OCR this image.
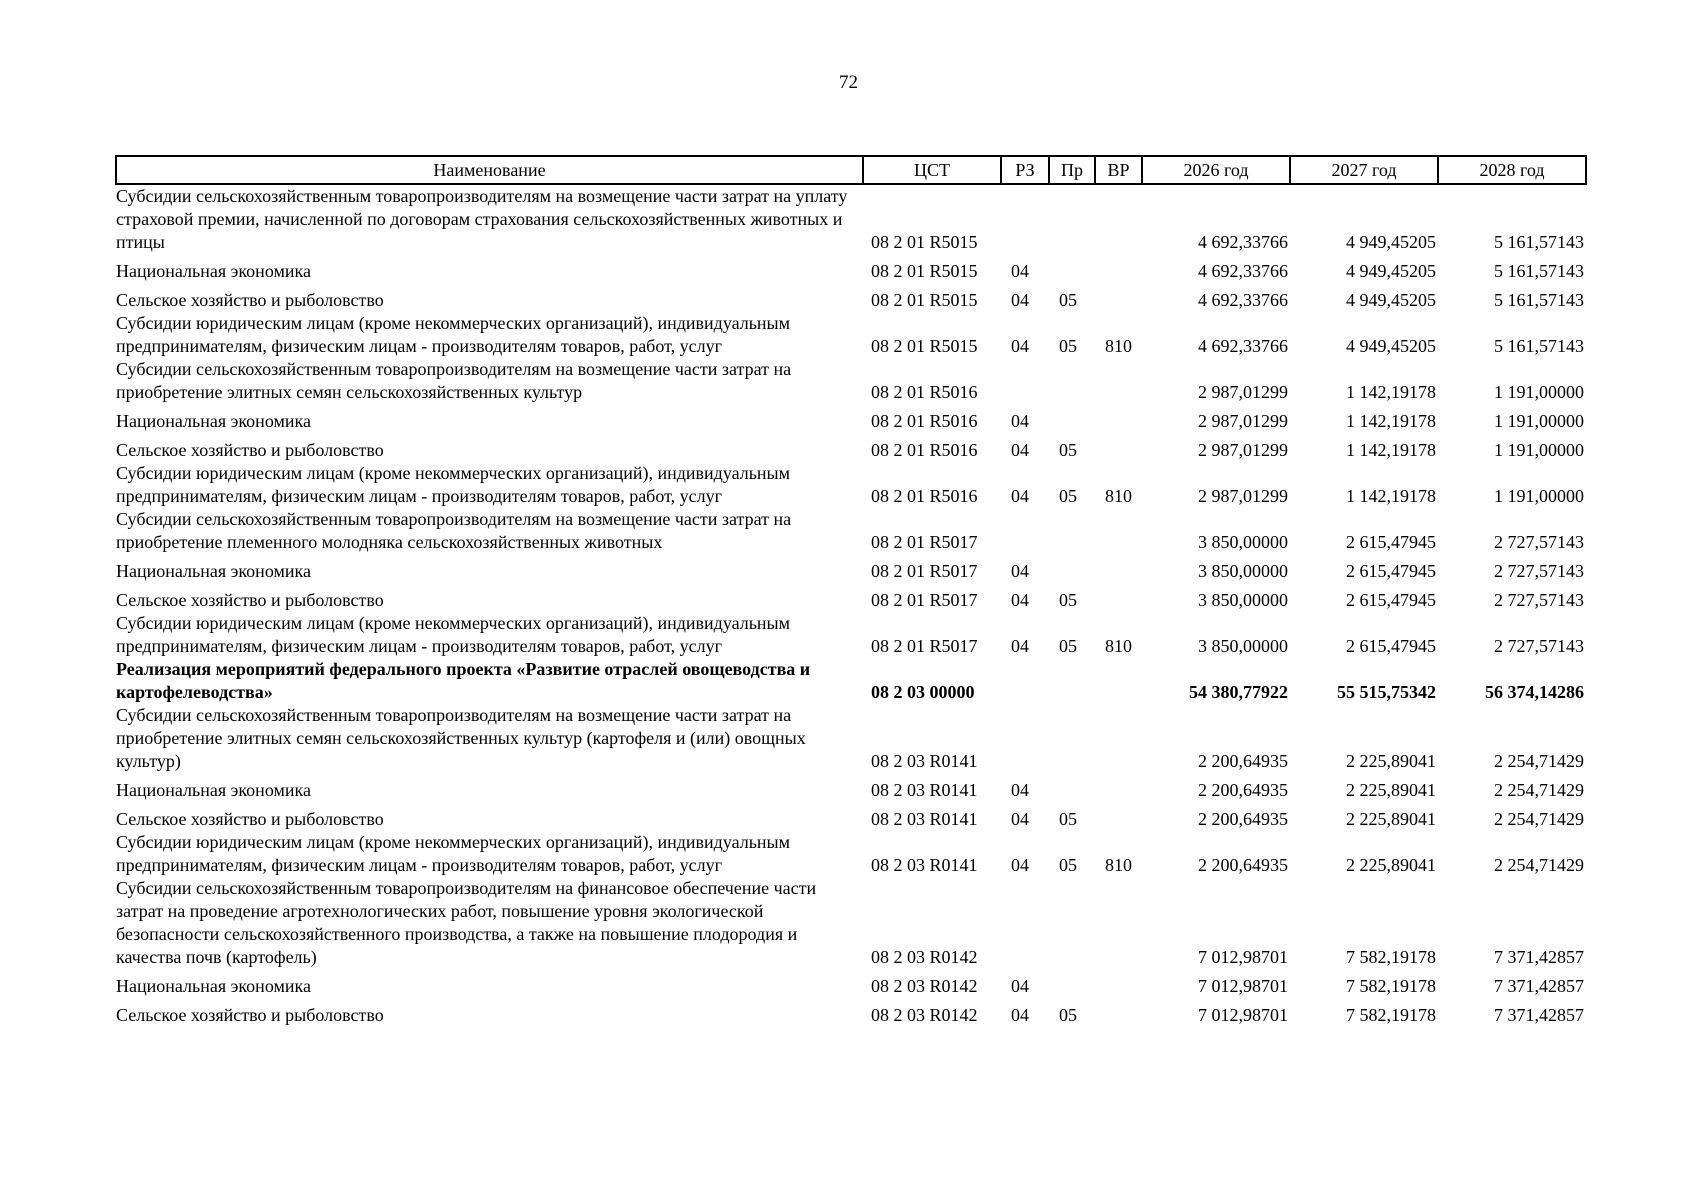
72
Наименование	ЦСТ	РЗ	Пр	ВР	2026 год	2027 год	2028 год
Субсидии сельскохозяйственным товаропроизводителям на возмещение части затрат на уплату страховой премии, начисленной по договорам страхования сельскохозяйственных животных и птицы	08 2 01 R5015				4 692,33766	4 949,45205	5 161,57143
Национальная экономика	08 2 01 R5015	04			4 692,33766	4 949,45205	5 161,57143
Сельское хозяйство и рыболовство	08 2 01 R5015	04	05		4 692,33766	4 949,45205	5 161,57143
Субсидии юридическим лицам (кроме некоммерческих организаций), индивидуальным предпринимателям, физическим лицам - производителям товаров, работ, услуг	08 2 01 R5015	04	05	810	4 692,33766	4 949,45205	5 161,57143
Субсидии сельскохозяйственным товаропроизводителям на возмещение части затрат на приобретение элитных семян сельскохозяйственных культур	08 2 01 R5016				2 987,01299	1 142,19178	1 191,00000
Национальная экономика	08 2 01 R5016	04			2 987,01299	1 142,19178	1 191,00000
Сельское хозяйство и рыболовство	08 2 01 R5016	04	05		2 987,01299	1 142,19178	1 191,00000
Субсидии юридическим лицам (кроме некоммерческих организаций), индивидуальным предпринимателям, физическим лицам - производителям товаров, работ, услуг	08 2 01 R5016	04	05	810	2 987,01299	1 142,19178	1 191,00000
Субсидии сельскохозяйственным товаропроизводителям на возмещение части затрат на приобретение племенного молодняка сельскохозяйственных животных	08 2 01 R5017				3 850,00000	2 615,47945	2 727,57143
Национальная экономика	08 2 01 R5017	04			3 850,00000	2 615,47945	2 727,57143
Сельское хозяйство и рыболовство	08 2 01 R5017	04	05		3 850,00000	2 615,47945	2 727,57143
Субсидии юридическим лицам (кроме некоммерческих организаций), индивидуальным предпринимателям, физическим лицам - производителям товаров, работ, услуг	08 2 01 R5017	04	05	810	3 850,00000	2 615,47945	2 727,57143
Реализация мероприятий федерального проекта «Развитие отраслей овощеводства и картофелеводства»	08 2 03 00000				54 380,77922	55 515,75342	56 374,14286
Субсидии сельскохозяйственным товаропроизводителям на возмещение части затрат на приобретение элитных семян сельскохозяйственных культур (картофеля и (или) овощных культур)	08 2 03 R0141				2 200,64935	2 225,89041	2 254,71429
Национальная экономика	08 2 03 R0141	04			2 200,64935	2 225,89041	2 254,71429
Сельское хозяйство и рыболовство	08 2 03 R0141	04	05		2 200,64935	2 225,89041	2 254,71429
Субсидии юридическим лицам (кроме некоммерческих организаций), индивидуальным предпринимателям, физическим лицам - производителям товаров, работ, услуг	08 2 03 R0141	04	05	810	2 200,64935	2 225,89041	2 254,71429
Субсидии сельскохозяйственным товаропроизводителям на финансовое обеспечение части затрат на проведение агротехнологических работ, повышение уровня экологической безопасности сельскохозяйственного производства, а также на повышение плодородия и качества почв (картофель)	08 2 03 R0142				7 012,98701	7 582,19178	7 371,42857
Национальная экономика	08 2 03 R0142	04			7 012,98701	7 582,19178	7 371,42857
Сельское хозяйство и рыболовство	08 2 03 R0142	04	05		7 012,98701	7 582,19178	7 371,42857
